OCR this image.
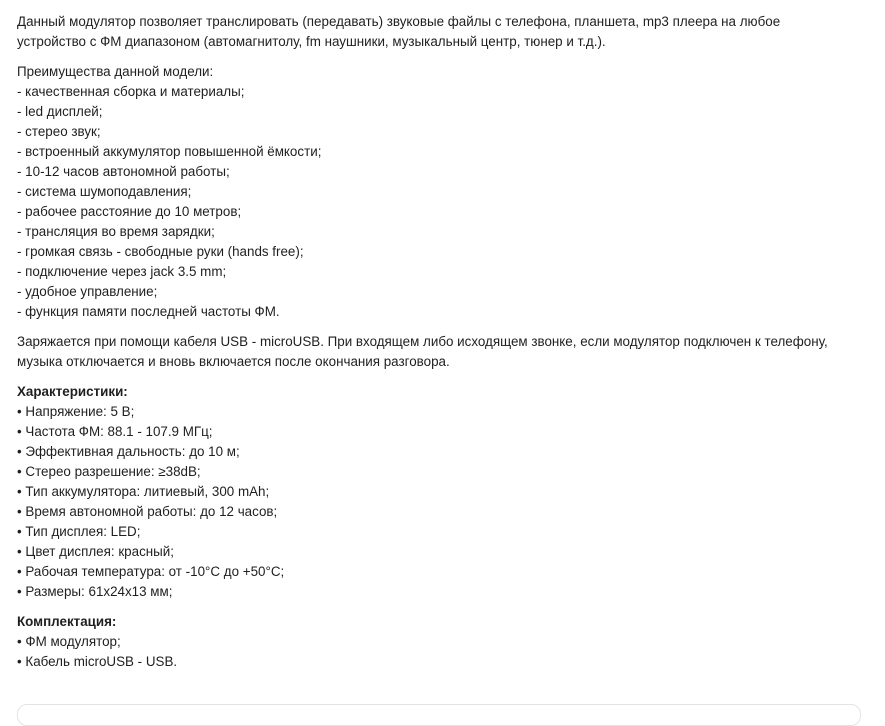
Данный модулятор позволяет транслировать (передавать) звуковые файлы с телефона, планшета, mp3 плеера на любое
устройство с ФМ диапазоном (автомагнитолу, fm наушники, музыкальный центр, тюнер и т.д.).
Преимущества данной модели:
- качественная сборка и материалы;
- led дисплей;
- стерео звук;
- встроенный аккумулятор повышенной ёмкости;
- 10-12 часов автономной работы;
- система шумоподавления;
- рабочее расстояние до 10 метров;
- трансляция во время зарядки;
- громкая связь - свободные руки (hands free);
- подключение через jack 3.5 mm;
- удобное управление;
- функция памяти последней частоты ФМ.
Заряжается при помощи кабеля USB - microUSB. При входящем либо исходящем звонке, если модулятор подключен к телефону,
музыка отключается и вновь включается после окончания разговора.
Характеристики:
• Напряжение: 5 В;
• Частота ФМ: 88.1 - 107.9 МГц;
• Эффективная дальность: до 10 м;
• Стерео разрешение: ≥38dB;
• Тип аккумулятора: литиевый, 300 mAh;
• Время автономной работы: до 12 часов;
• Тип дисплея: LED;
• Цвет дисплея: красный;
• Рабочая температура: от -10°C до +50°C;
• Размеры: 61x24x13 мм;
Комплектация:
• ФМ модулятор;
• Кабель microUSB - USB.
